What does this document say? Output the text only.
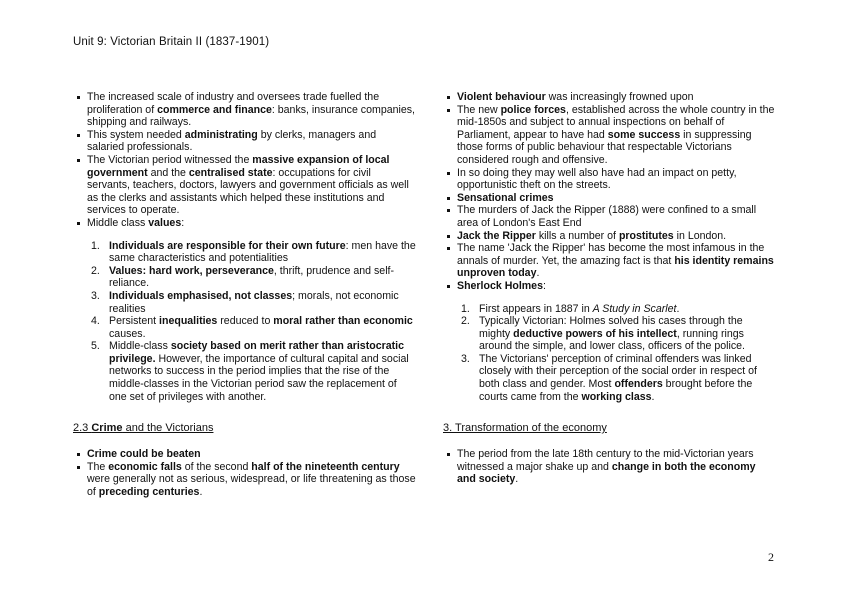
Unit 9: Victorian Britain II (1837-1901)
The increased scale of industry and oversees trade fuelled the proliferation of commerce and finance: banks, insurance companies, shipping and railways.
This system needed administrating by clerks, managers and salaried professionals.
The Victorian period witnessed the massive expansion of local government and the centralised state: occupations for civil servants, teachers, doctors, lawyers and government officials as well as the clerks and assistants which helped these institutions and services to operate.
Middle class values:
1. Individuals are responsible for their own future: men have the same characteristics and potentialities
2. Values: hard work, perseverance, thrift, prudence and self-reliance.
3. Individuals emphasised, not classes; morals, not economic realities
4. Persistent inequalities reduced to moral rather than economic causes.
5. Middle-class society based on merit rather than aristocratic privilege. However, the importance of cultural capital and social networks to success in the period implies that the rise of the middle-classes in the Victorian period saw the replacement of one set of privileges with another.
2.3 Crime and the Victorians
Crime could be beaten
The economic falls of the second half of the nineteenth century were generally not as serious, widespread, or life threatening as those of preceding centuries.
Violent behaviour was increasingly frowned upon
The new police forces, established across the whole country in the mid-1850s and subject to annual inspections on behalf of Parliament, appear to have had some success in suppressing those forms of public behaviour that respectable Victorians considered rough and offensive.
In so doing they may well also have had an impact on petty, opportunistic theft on the streets.
Sensational crimes
The murders of Jack the Ripper (1888) were confined to a small area of London's East End
Jack the Ripper kills a number of prostitutes in London.
The name 'Jack the Ripper' has become the most infamous in the annals of murder. Yet, the amazing fact is that his identity remains unproven today.
Sherlock Holmes:
1. First appears in 1887 in A Study in Scarlet.
2. Typically Victorian: Holmes solved his cases through the mighty deductive powers of his intellect, running rings around the simple, and lower class, officers of the police.
3. The Victorians' perception of criminal offenders was linked closely with their perception of the social order in respect of both class and gender. Most offenders brought before the courts came from the working class.
3. Transformation of the economy
The period from the late 18th century to the mid-Victorian years witnessed a major shake up and change in both the economy and society.
2
